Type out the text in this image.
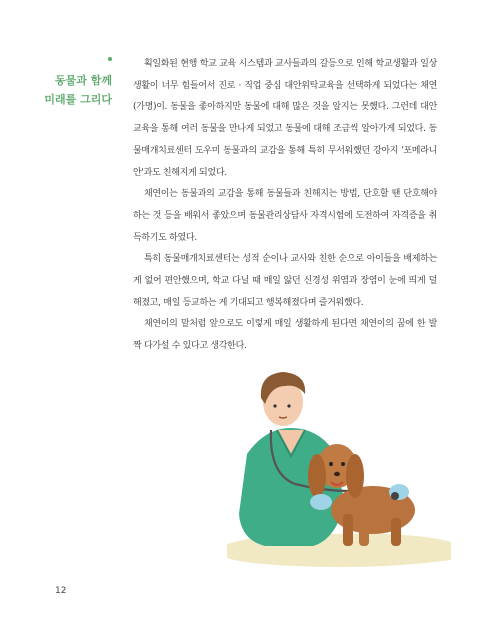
동물과 함께
미래를 그리다

획일화된 현행 학교 교육 시스템과 교사들과의 갈등으로 인해 학교생활과 일상생활이 너무 힘들어서 진로 · 직업 중심 대안위탁교육을 선택하게 되었다는 채연(가명)이. 동물을 좋아하지만 동물에 대해 많은 것을 알지는 못했다. 그런데 대안교육을 통해 여러 동물을 만나게 되었고 동물에 대해 조금씩 알아가게 되었다. 동물매개치료센터 도우미 동물과의 교감을 통해 특히 무서워했던 강아지 '포메라니안'과도 친해지게 되었다.

채연이는 동물과의 교감을 통해 동물들과 친해지는 방법, 단호할 땐 단호해야 하는 것 등을 배워서 좋았으며 동물관리상담사 자격시험에 도전하여 자격증을 취득하기도 하였다.

특히 동물매개치료센터는 성적 순이나 교사와 친한 순으로 아이들을 배제하는 게 없어 편안했으며, 학교 다닐 때 매일 앓던 신경성 위염과 장염이 눈에 띄게 덜해졌고, 매일 등교하는 게 기대되고 행복해졌다며 즐거워했다.

채연이의 말처럼 앞으로도 이렇게 매일 생활하게 된다면 채연이의 꿈에 한 발짝 다가설 수 있다고 생각한다.

12
